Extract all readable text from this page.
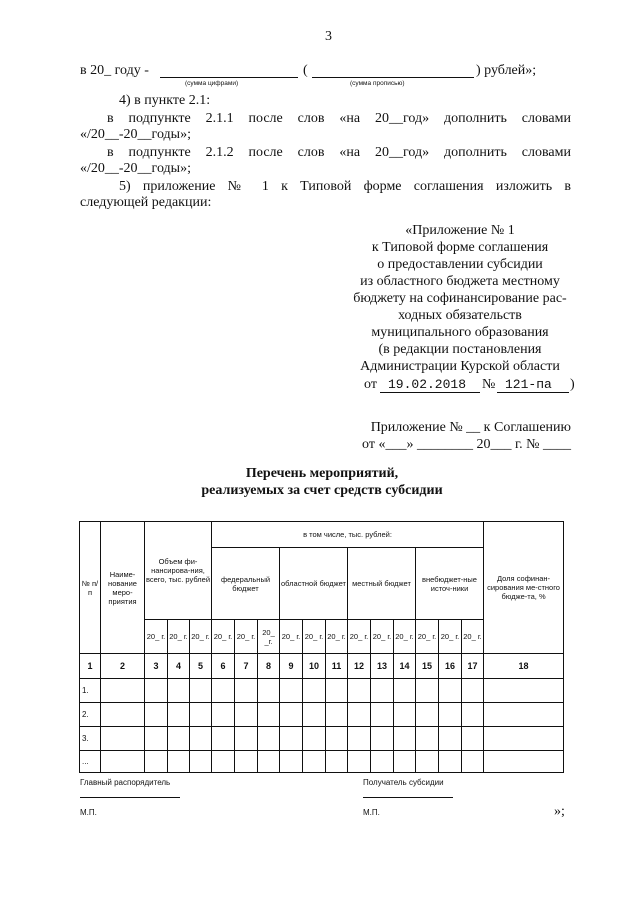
3
в 20_ году -	(	) рублей»;
(сумма цифрами)	(сумма прописью)
4) в пункте 2.1:
в подпункте 2.1.1 после слов «на 20__год» дополнить словами
«/20__-20__годы»;
в подпункте 2.1.2 после слов «на 20__год» дополнить словами
«/20__-20__годы»;
5) приложение № 1 к Типовой форме соглашения изложить в
следующей редакции:
«Приложение № 1
к Типовой форме соглашения
о предоставлении субсидии
из областного бюджета местному
бюджету на софинансирование рас-
ходных обязательств
муниципального образования
(в редакции постановления
Администрации Курской области
от 19.02.2018 № 121-па )
Приложение № __ к Соглашению
от «___» ________ 20___ г. № ____
Перечень мероприятий,
реализуемых за счет средств субсидии
№ п/п	Наиме-нование меро-приятия	Объем фи-нансирова-ния, всего, тыс. рублей			в том числе, тыс. рублей:												Доля софинан-сирования ме-стного бюдже-та, %
					федеральный бюджет			областной бюджет			местный бюджет			внебюджет-ные источ-ники			
		20_ г.	20_ г.	20_ г.	20_ г.	20_ г.	20_ _г.	20_ г.	20_ г.	20_ г.	20_ г.	20_ г.	20_ г.	20_ г.	20_ г.	20_ г.	
1	2	3	4	5	6	7	8	9	10	11	12	13	14	15	16	17	18
1.																	
2.																	
3.																	
...																	
Главный распорядитель	Получатель субсидии
М.П.	М.П.	»;
